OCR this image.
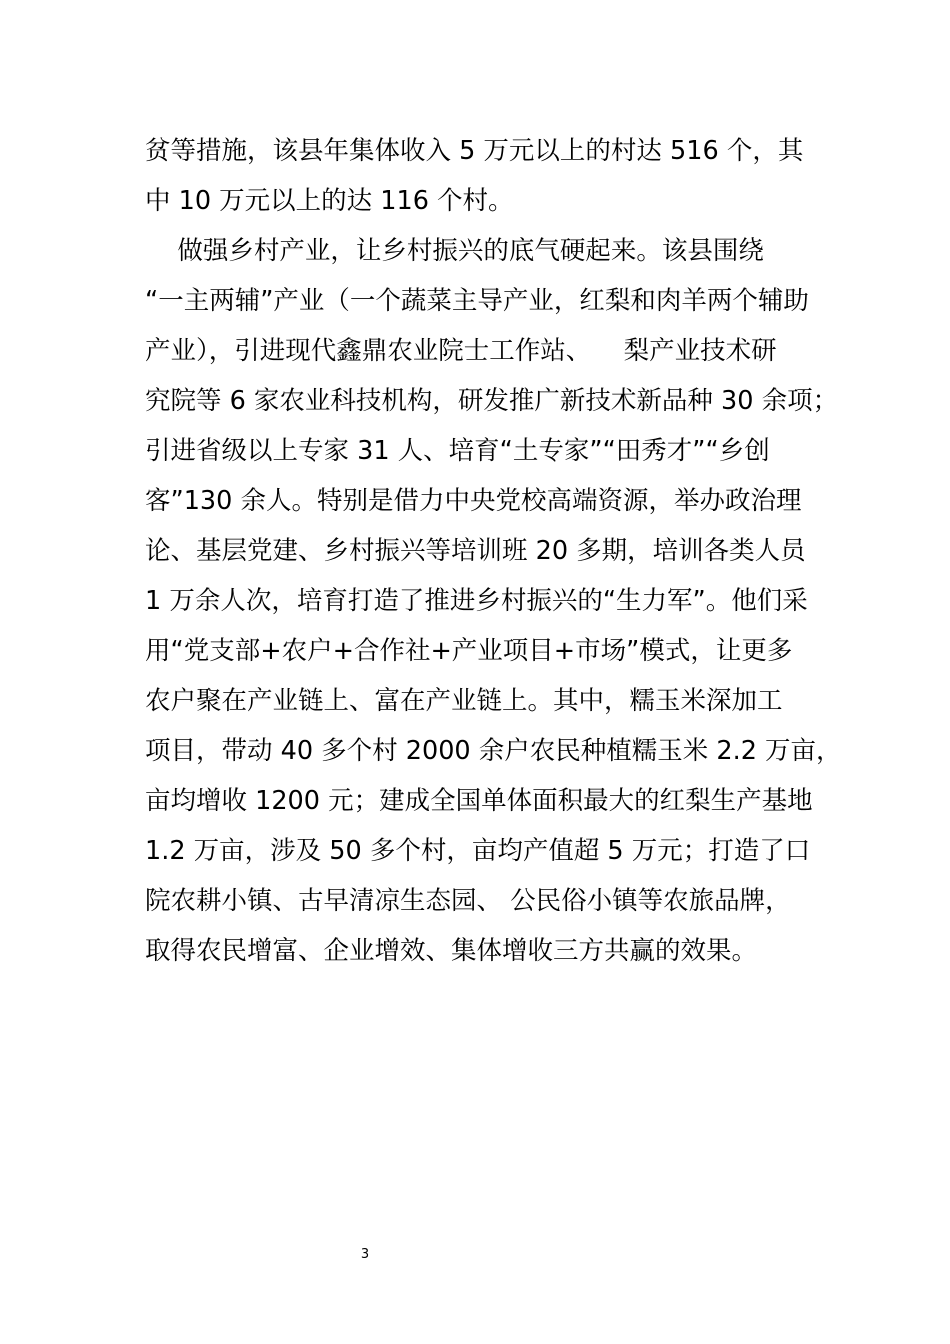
贫等措施，该县年集体收入 5 万元以上的村达 516 个，其
中 10 万元以上的达 116 个村。
做强乡村产业，让乡村振兴的底气硬起来。该县围绕
“一主两辅”产业（一个蔬菜主导产业，红梨和肉羊两个辅助
产业），引进现代鑫鼎农业院士工作站、    梨产业技术研
究院等 6 家农业科技机构，研发推广新技术新品种 30 余项；
引进省级以上专家 31 人、培育“土专家”“田秀才”“乡创
客”130 余人。特别是借力中央党校高端资源，举办政治理
论、基层党建、乡村振兴等培训班 20 多期，培训各类人员
1 万余人次，培育打造了推进乡村振兴的“生力军”。他们采
用“党支部+农户+合作社+产业项目+市场”模式，让更多
农户聚在产业链上、富在产业链上。其中，糯玉米深加工
项目，带动 40 多个村 2000 余户农民种植糯玉米 2.2 万亩，
亩均增收 1200 元；建成全国单体面积最大的红梨生产基地
1.2 万亩，涉及 50 多个村，亩均产值超 5 万元；打造了口
院农耕小镇、古早清凉生态园、 公民俗小镇等农旅品牌，
取得农民增富、企业增效、集体增收三方共赢的效果。
3
